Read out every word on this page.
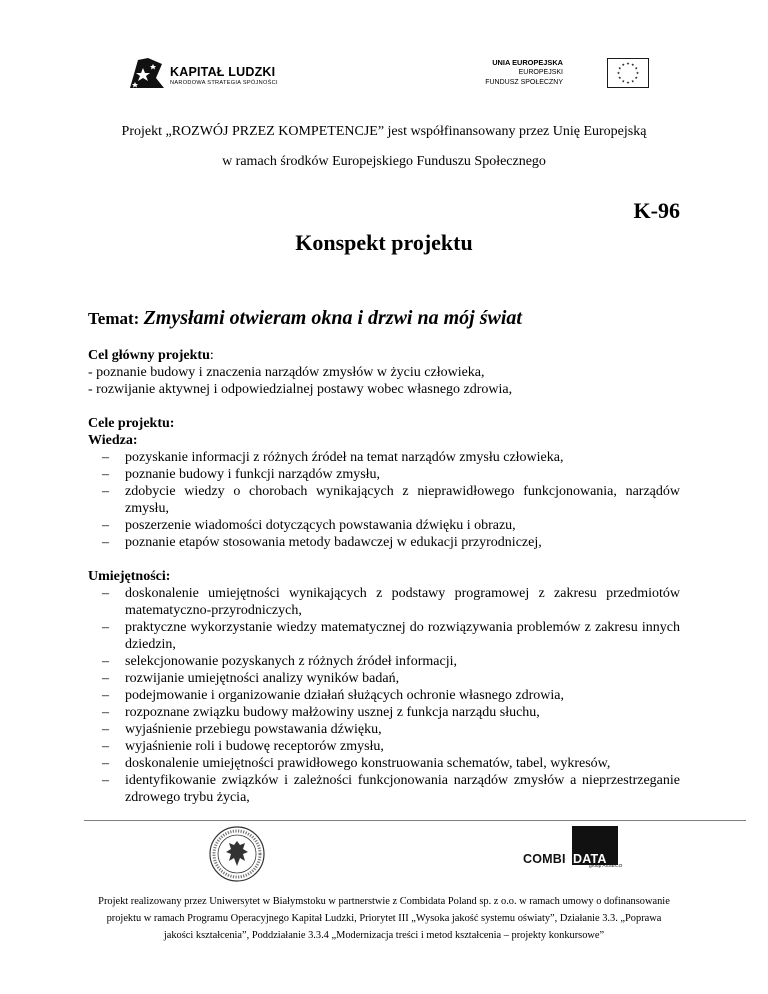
KAPITAŁ LUDZKI
NARODOWA STRATEGIA SPÓJNOŚCI
UNIA EUROPEJSKA
EUROPEJSKI
FUNDUSZ SPOŁECZNY
Projekt „ROZWÓJ PRZEZ KOMPETENCJE” jest współfinansowany przez Unię Europejską
w ramach środków Europejskiego Funduszu Społecznego
K-96
Konspekt projektu
Temat: Zmysłami otwieram okna i drzwi na mój świat
Cel główny projektu:
- poznanie budowy i znaczenia narządów zmysłów w życiu człowieka,
- rozwijanie aktywnej i odpowiedzialnej postawy wobec własnego zdrowia,
Cele projektu:
Wiedza:
– pozyskanie informacji z różnych źródeł na temat narządów zmysłu człowieka,
– poznanie budowy i funkcji narządów zmysłu,
– zdobycie wiedzy o chorobach wynikających z nieprawidłowego funkcjonowania, narządów zmysłu,
– poszerzenie wiadomości dotyczących powstawania dźwięku i obrazu,
– poznanie etapów stosowania metody badawczej w edukacji przyrodniczej,
Umiejętności:
– doskonalenie umiejętności wynikających z podstawy programowej z zakresu przedmiotów matematyczno-przyrodniczych,
– praktyczne wykorzystanie wiedzy matematycznej do rozwiązywania problemów z zakresu innych dziedzin,
– selekcjonowanie pozyskanych z różnych źródeł informacji,
– rozwijanie umiejętności analizy wyników badań,
– podejmowanie i organizowanie działań służących ochronie własnego zdrowia,
– rozpoznane związku budowy małżowiny usznej z funkcja narządu słuchu,
– wyjaśnienie przebiegu powstawania dźwięku,
– wyjaśnienie roli i budowę receptorów zmysłu,
– doskonalenie umiejętności prawidłowego konstruowania schematów, tabel, wykresów,
– identyfikowanie związków i zależności funkcjonowania narządów zmysłów a nieprzestrzeganie zdrowego trybu życia,
COMBI DATA
group ASSECO
Projekt realizowany przez Uniwersytet w Białymstoku w partnerstwie z Combidata Poland sp. z o.o. w ramach umowy o dofinansowanie
projektu w ramach Programu Operacyjnego Kapitał Ludzki, Priorytet III „Wysoka jakość systemu oświaty”, Działanie 3.3. „Poprawa
jakości kształcenia”, Poddziałanie 3.3.4 „Modernizacja treści i metod kształcenia – projekty konkursowe”
